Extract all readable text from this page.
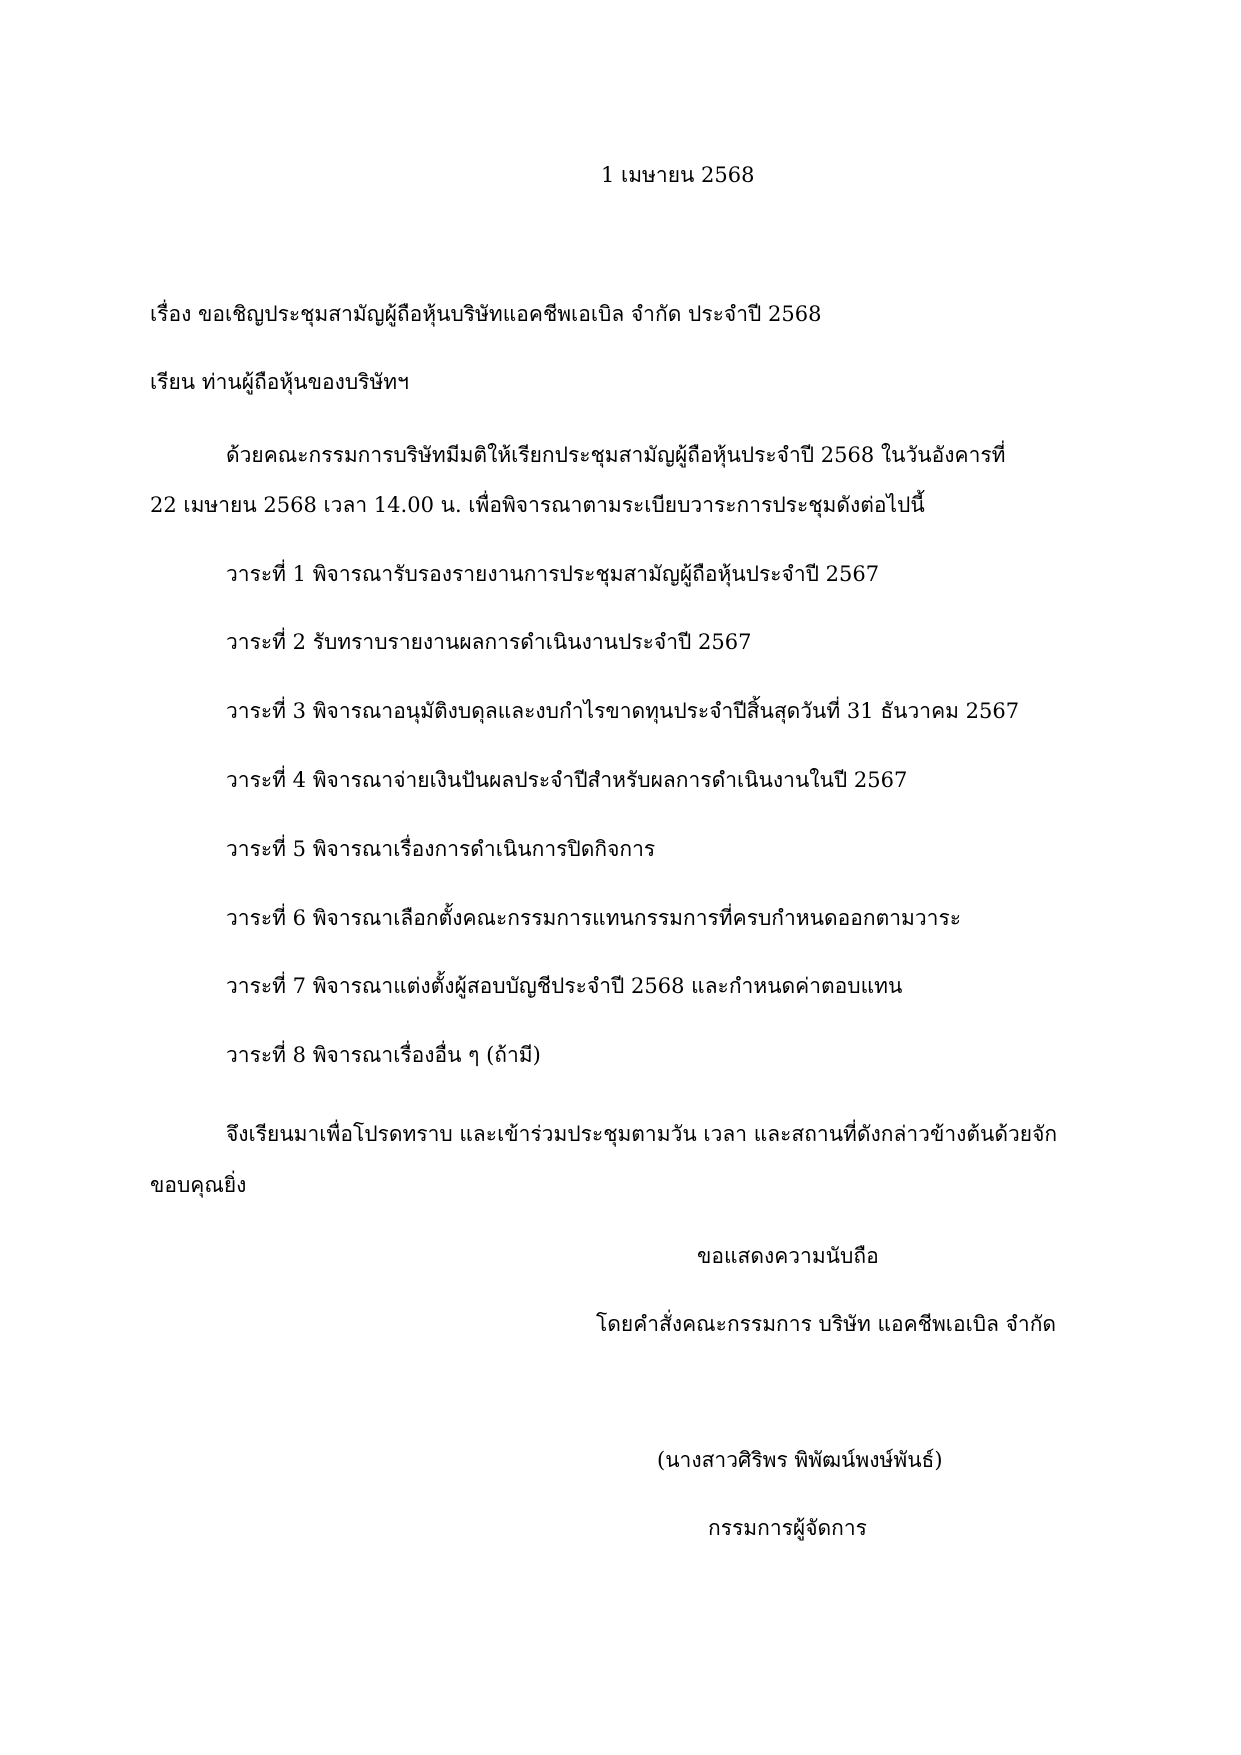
1 เมษายน 2568

เรื่อง ขอเชิญประชุมสามัญผู้ถือหุ้นบริษัทแอคชีพเอเบิล จำกัด ประจำปี 2568

เรียน ท่านผู้ถือหุ้นของบริษัทฯ

ด้วยคณะกรรมการบริษัทมีมติให้เรียกประชุมสามัญผู้ถือหุ้นประจำปี 2568 ในวันอังคารที่

22 เมษายน 2568 เวลา 14.00 น. เพื่อพิจารณาตามระเบียบวาระการประชุมดังต่อไปนี้

วาระที่ 1 พิจารณารับรองรายงานการประชุมสามัญผู้ถือหุ้นประจำปี 2567

วาระที่ 2 รับทราบรายงานผลการดำเนินงานประจำปี 2567

วาระที่ 3 พิจารณาอนุมัติงบดุลและงบกำไรขาดทุนประจำปีสิ้นสุดวันที่ 31 ธันวาคม 2567

วาระที่ 4 พิจารณาจ่ายเงินปันผลประจำปีสำหรับผลการดำเนินงานในปี 2567

วาระที่ 5 พิจารณาเรื่องการดำเนินการปิดกิจการ

วาระที่ 6 พิจารณาเลือกตั้งคณะกรรมการแทนกรรมการที่ครบกำหนดออกตามวาระ

วาระที่ 7 พิจารณาแต่งตั้งผู้สอบบัญชีประจำปี 2568 และกำหนดค่าตอบแทน

วาระที่ 8 พิจารณาเรื่องอื่น ๆ (ถ้ามี)

จึงเรียนมาเพื่อโปรดทราบ และเข้าร่วมประชุมตามวัน เวลา และสถานที่ดังกล่าวข้างต้นด้วยจัก

ขอบคุณยิ่ง

ขอแสดงความนับถือ

โดยคำสั่งคณะกรรมการ บริษัท แอคชีพเอเบิล จำกัด

(นางสาวศิริพร พิพัฒน์พงษ์พันธ์)

กรรมการผู้จัดการ
